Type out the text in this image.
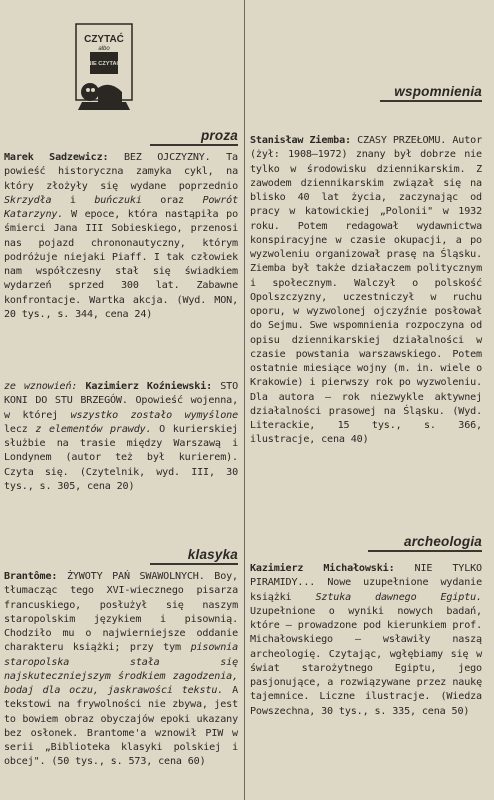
CZYTAĆ
albo
NIE CZYTAĆ
proza
Marek Sadzewicz: BEZ OJCZYZNY. Ta powieść historyczna zamyka cykl, na który złożyły się wydane poprzednio Skrzydła i buńczuki oraz Powrót Katarzyny. W epoce, która nastąpiła po śmierci Jana III Sobieskiego, przenosi nas pojazd chrononautyczny, którym podróżuje niejaki Piaff. I tak człowiek nam współczesny stał się świadkiem wydarzeń sprzed 300 lat. Zabawne konfrontacje. Wartka akcja. (Wyd. MON, 20 tys., s. 344, cena 24)
ze wznowień: Kazimierz Koźniewski: STO KONI DO STU BRZEGÓW. Opowieść wojenna, w której wszystko zostało wymyślone lecz z elementów prawdy. O kurierskiej służbie na trasie między Warszawą i Londynem (autor też był kurierem). Czyta się. (Czytelnik, wyd. III, 30 tys., s. 305, cena 20)
klasyka
Brantôme: ŻYWOTY PAŃ SWAWOLNYCH. Boy, tłumacząc tego XVI-wiecznego pisarza francuskiego, posłużył się naszym staropolskim językiem i pisownią. Chodziło mu o najwierniejsze oddanie charakteru książki; przy tym pisownia staropolska stała się najskuteczniejszym środkiem zagodzenia, bodaj dla oczu, jaskrawości tekstu. A tekstowi na frywolności nie zbywa, jest to bowiem obraz obyczajów epoki ukazany bez osłonek. Brantome'a wznowił PIW w serii „Biblioteka klasyki polskiej i obcej". (50 tys., s. 573, cena 60)
wspomnienia
Stanisław Ziemba: CZASY PRZEŁOMU. Autor (żył: 1908—1972) znany był dobrze nie tylko w środowisku dziennikarskim. Z zawodem dziennikarskim związał się na blisko 40 lat życia, zaczynając od pracy w katowickiej „Polonii" w 1932 roku. Potem redagował wydawnictwa konspiracyjne w czasie okupacji, a po wyzwoleniu organizował prasę na Śląsku. Ziemba był także działaczem politycznym i społecznym. Walczył o polskość Opolszczyzny, uczestniczył w ruchu oporu, w wyzwolonej ojczyźnie posłował do Sejmu. Swe wspomnienia rozpoczyna od opisu dziennikarskiej działalności w czasie powstania warszawskiego. Potem ostatnie miesiące wojny (m. in. wiele o Krakowie) i pierwszy rok po wyzwoleniu. Dla autora — rok niezwykle aktywnej działalności prasowej na Śląsku. (Wyd. Literackie, 15 tys., s. 366, ilustracje, cena 40)
archeologia
Kazimierz Michałowski: NIE TYLKO PIRAMIDY... Nowe uzupełnione wydanie książki Sztuka dawnego Egiptu. Uzupełnione o wyniki nowych badań, które — prowadzone pod kierunkiem prof. Michałowskiego — wsławiły naszą archeologię. Czytając, wgłębiamy się w świat starożytnego Egiptu, jego pasjonujące, a rozwiązywane przez naukę tajemnice. Liczne ilustracje. (Wiedza Powszechna, 30 tys., s. 335, cena 50)
